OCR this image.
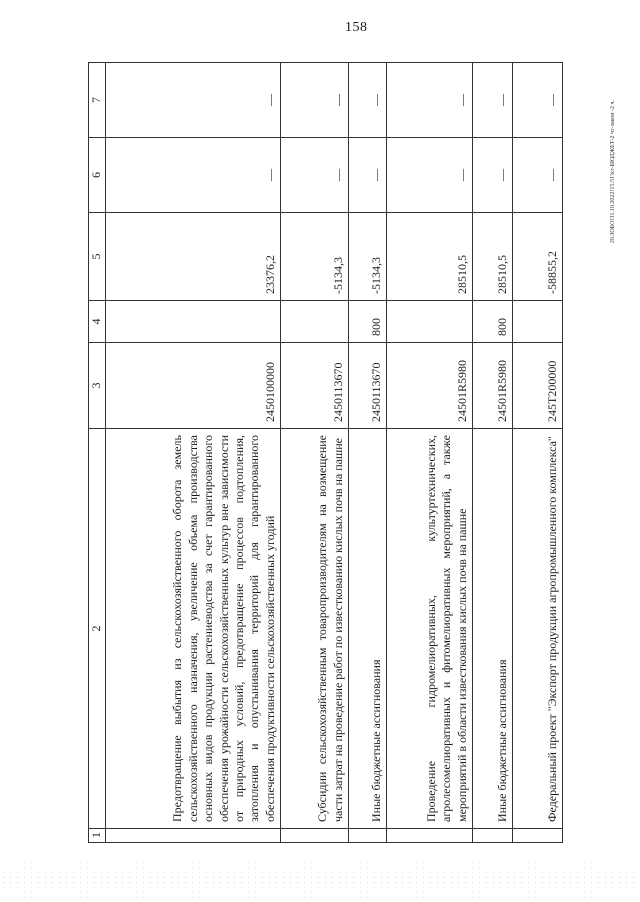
158
1	2	3	4	5	6	7
	Предотвращение выбытия из сельскохозяйственного оборота земель сельскохозяйственного назначения, увеличение объема производства основных видов продукции растениеводства за счет гарантированного обеспечения урожайности сельскохозяйственных культур вне зависимости от природных условий, предотвращение процессов подтопления, затопления и опустынивания территорий для гарантированного обеспечения продуктивности сельскохозяйственных угодий	2450100000		23376,2	—	—
	Субсидии сельскохозяйственным товаропроизводителям на возмещение части затрат на проведение работ по известкованию кислых почв на пашне	2450113670		-5134,3	—	—
	Иные бюджетные ассигнования	2450113670	800	-5134,3	—	—
	Проведение гидромелиоративных, культуртехнических, агролесомелиоративных и фитомелиоративных мероприятий, а также мероприятий в области известкования кислых почв на пашне	24501R5980		28510,5	—	—
	Иные бюджетные ассигнования	24501R5980	800	28510,5	—	—
	Федеральный проект "Экспорт продукции агропромышленного комплекса"	245T200000		-58855,2	—	—	20.ЗОБО!31.10.2022!15:51!кт-БЮДЖЕТ-2 чт-закон -2 ч.
